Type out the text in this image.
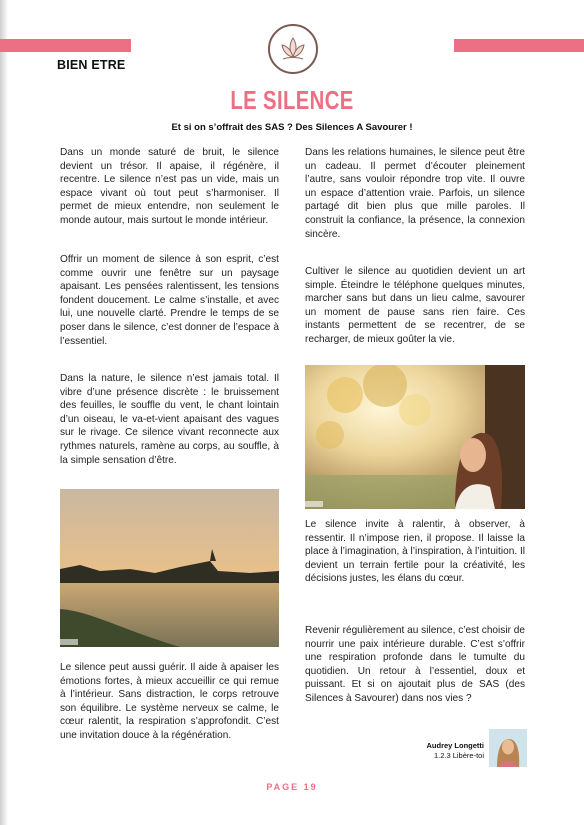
BIEN ETRE
LE SILENCE
Et si on s’offrait des SAS ? Des Silences A Savourer !

Dans un monde saturé de bruit, le silence devient un trésor. Il apaise, il régénère, il recentre. Le silence n’est pas un vide, mais un espace vivant où tout peut s’harmoniser. Il permet de mieux entendre, non seulement le monde autour, mais surtout le monde intérieur.

Offrir un moment de silence à son esprit, c’est comme ouvrir une fenêtre sur un paysage apaisant. Les pensées ralentissent, les tensions fondent doucement. Le calme s’installe, et avec lui, une nouvelle clarté. Prendre le temps de se poser dans le silence, c’est donner de l’espace à l’essentiel.

Dans la nature, le silence n’est jamais total. Il vibre d’une présence discrète : le bruissement des feuilles, le souffle du vent, le chant lointain d’un oiseau, le va-et-vient apaisant des vagues sur le rivage. Ce silence vivant reconnecte aux rythmes naturels, ramène au corps, au souffle, à la simple sensation d’être.

Le silence peut aussi guérir. Il aide à apaiser les émotions fortes, à mieux accueillir ce qui remue à l’intérieur. Sans distraction, le corps retrouve son équilibre. Le système nerveux se calme, le cœur ralentit, la respiration s’approfondit. C’est une invitation douce à la régénération.

Dans les relations humaines, le silence peut être un cadeau. Il permet d’écouter pleinement l’autre, sans vouloir répondre trop vite. Il ouvre un espace d’attention vraie. Parfois, un silence partagé dit bien plus que mille paroles. Il construit la confiance, la présence, la connexion sincère.

Cultiver le silence au quotidien devient un art simple. Éteindre le téléphone quelques minutes, marcher sans but dans un lieu calme, savourer un moment de pause sans rien faire. Ces instants permettent de se recentrer, de se recharger, de mieux goûter la vie.

Le silence invite à ralentir, à observer, à ressentir. Il n’impose rien, il propose. Il laisse la place à l’imagination, à l’inspiration, à l’intuition. Il devient un terrain fertile pour la créativité, les décisions justes, les élans du cœur.

Revenir régulièrement au silence, c’est choisir de nourrir une paix intérieure durable. C’est s’offrir une respiration profonde dans le tumulte du quotidien. Un retour à l’essentiel, doux et puissant. Et si on ajoutait plus de SAS (des Silences à Savourer) dans nos vies ?

Audrey Longetti
1.2.3 Libère-toi
PAGE 19
